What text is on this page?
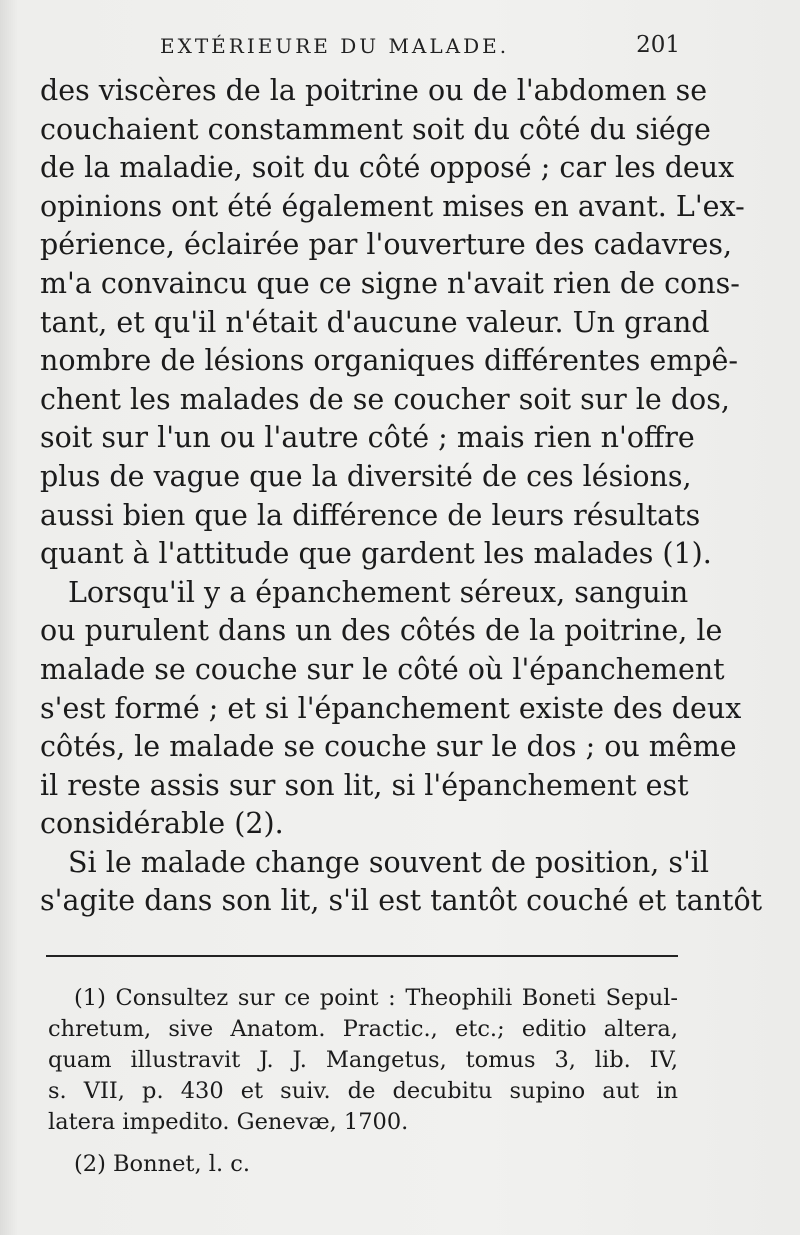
EXTÉRIEURE DU MALADE.	201
des viscères de la poitrine ou de l'abdomen se
couchaient constamment soit du côté du siége
de la maladie, soit du côté opposé ; car les deux
opinions ont été également mises en avant. L'ex-
périence, éclairée par l'ouverture des cadavres,
m'a convaincu que ce signe n'avait rien de cons-
tant, et qu'il n'était d'aucune valeur. Un grand
nombre de lésions organiques différentes empê-
chent les malades de se coucher soit sur le dos,
soit sur l'un ou l'autre côté ; mais rien n'offre
plus de vague que la diversité de ces lésions,
aussi bien que la différence de leurs résultats
quant à l'attitude que gardent les malades (1).
Lorsqu'il y a épanchement séreux, sanguin
ou purulent dans un des côtés de la poitrine, le
malade se couche sur le côté où l'épanchement
s'est formé ; et si l'épanchement existe des deux
côtés, le malade se couche sur le dos ; ou même
il reste assis sur son lit, si l'épanchement est
considérable (2).
Si le malade change souvent de position, s'il
s'agite dans son lit, s'il est tantôt couché et tantôt
(1) Consultez sur ce point : Theophili Boneti Sepul-
chretum, sive Anatom. Practic., etc.; editio altera,
quam illustravit J. J. Mangetus, tomus 3, lib. IV,
s. VII, p. 430 et suiv. de decubitu supino aut in
latera impedito. Genevæ, 1700.
(2) Bonnet, l. c.
